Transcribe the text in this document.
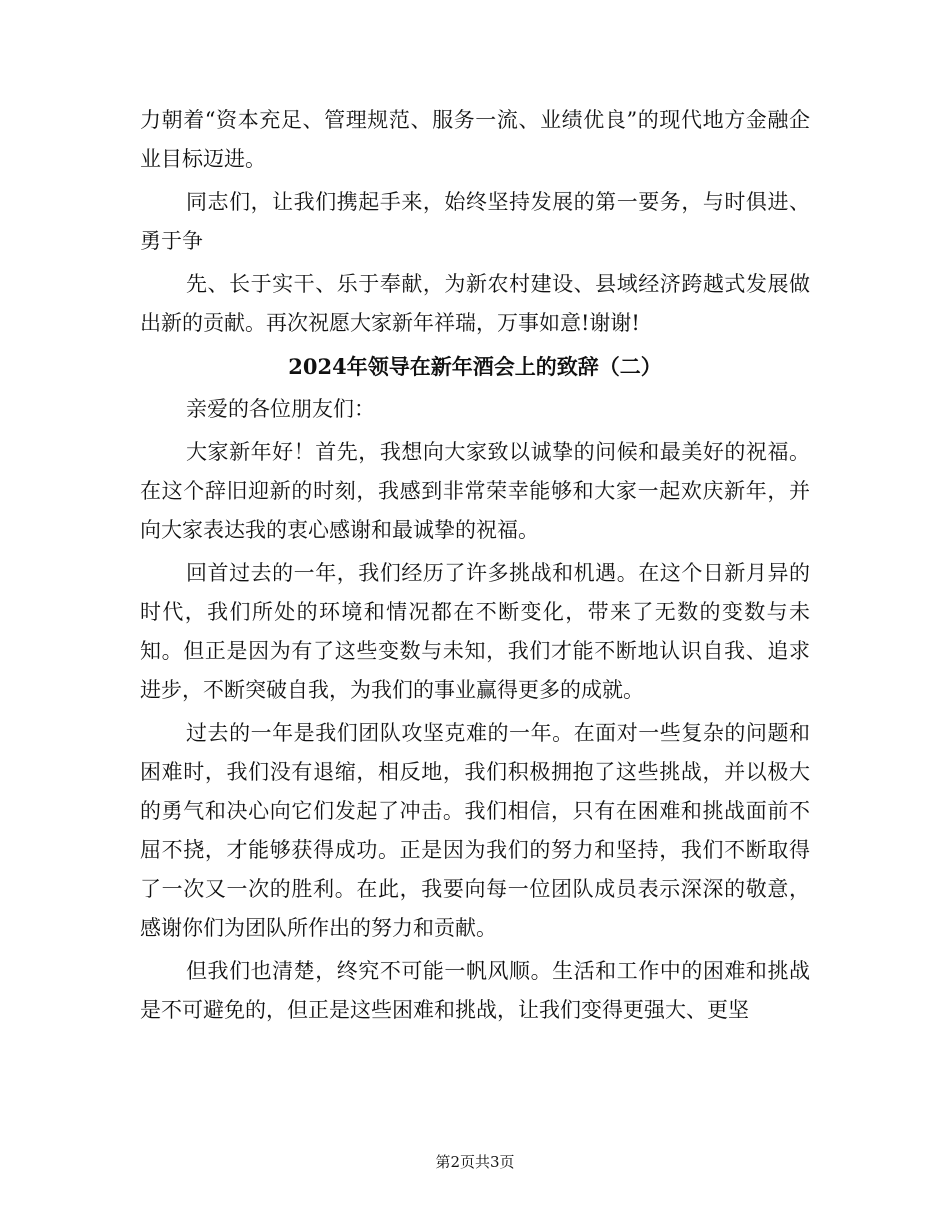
力朝着“资本充足、管理规范、服务一流、业绩优良”的现代地方金融企业目标迈进。

同志们，让我们携起手来，始终坚持发展的第一要务，与时俱进、勇于争

先、长于实干、乐于奉献，为新农村建设、县域经济跨越式发展做出新的贡献。再次祝愿大家新年祥瑞，万事如意!谢谢!

2024年领导在新年酒会上的致辞（二）

亲爱的各位朋友们：

大家新年好！首先，我想向大家致以诚挚的问候和最美好的祝福。在这个辞旧迎新的时刻，我感到非常荣幸能够和大家一起欢庆新年，并向大家表达我的衷心感谢和最诚挚的祝福。

回首过去的一年，我们经历了许多挑战和机遇。在这个日新月异的时代，我们所处的环境和情况都在不断变化，带来了无数的变数与未知。但正是因为有了这些变数与未知，我们才能不断地认识自我、追求进步，不断突破自我，为我们的事业赢得更多的成就。

过去的一年是我们团队攻坚克难的一年。在面对一些复杂的问题和困难时，我们没有退缩，相反地，我们积极拥抱了这些挑战，并以极大的勇气和决心向它们发起了冲击。我们相信，只有在困难和挑战面前不屈不挠，才能够获得成功。正是因为我们的努力和坚持，我们不断取得了一次又一次的胜利。在此，我要向每一位团队成员表示深深的敬意，感谢你们为团队所作出的努力和贡献。

但我们也清楚，终究不可能一帆风顺。生活和工作中的困难和挑战是不可避免的，但正是这些困难和挑战，让我们变得更强大、更坚

第2页共3页
